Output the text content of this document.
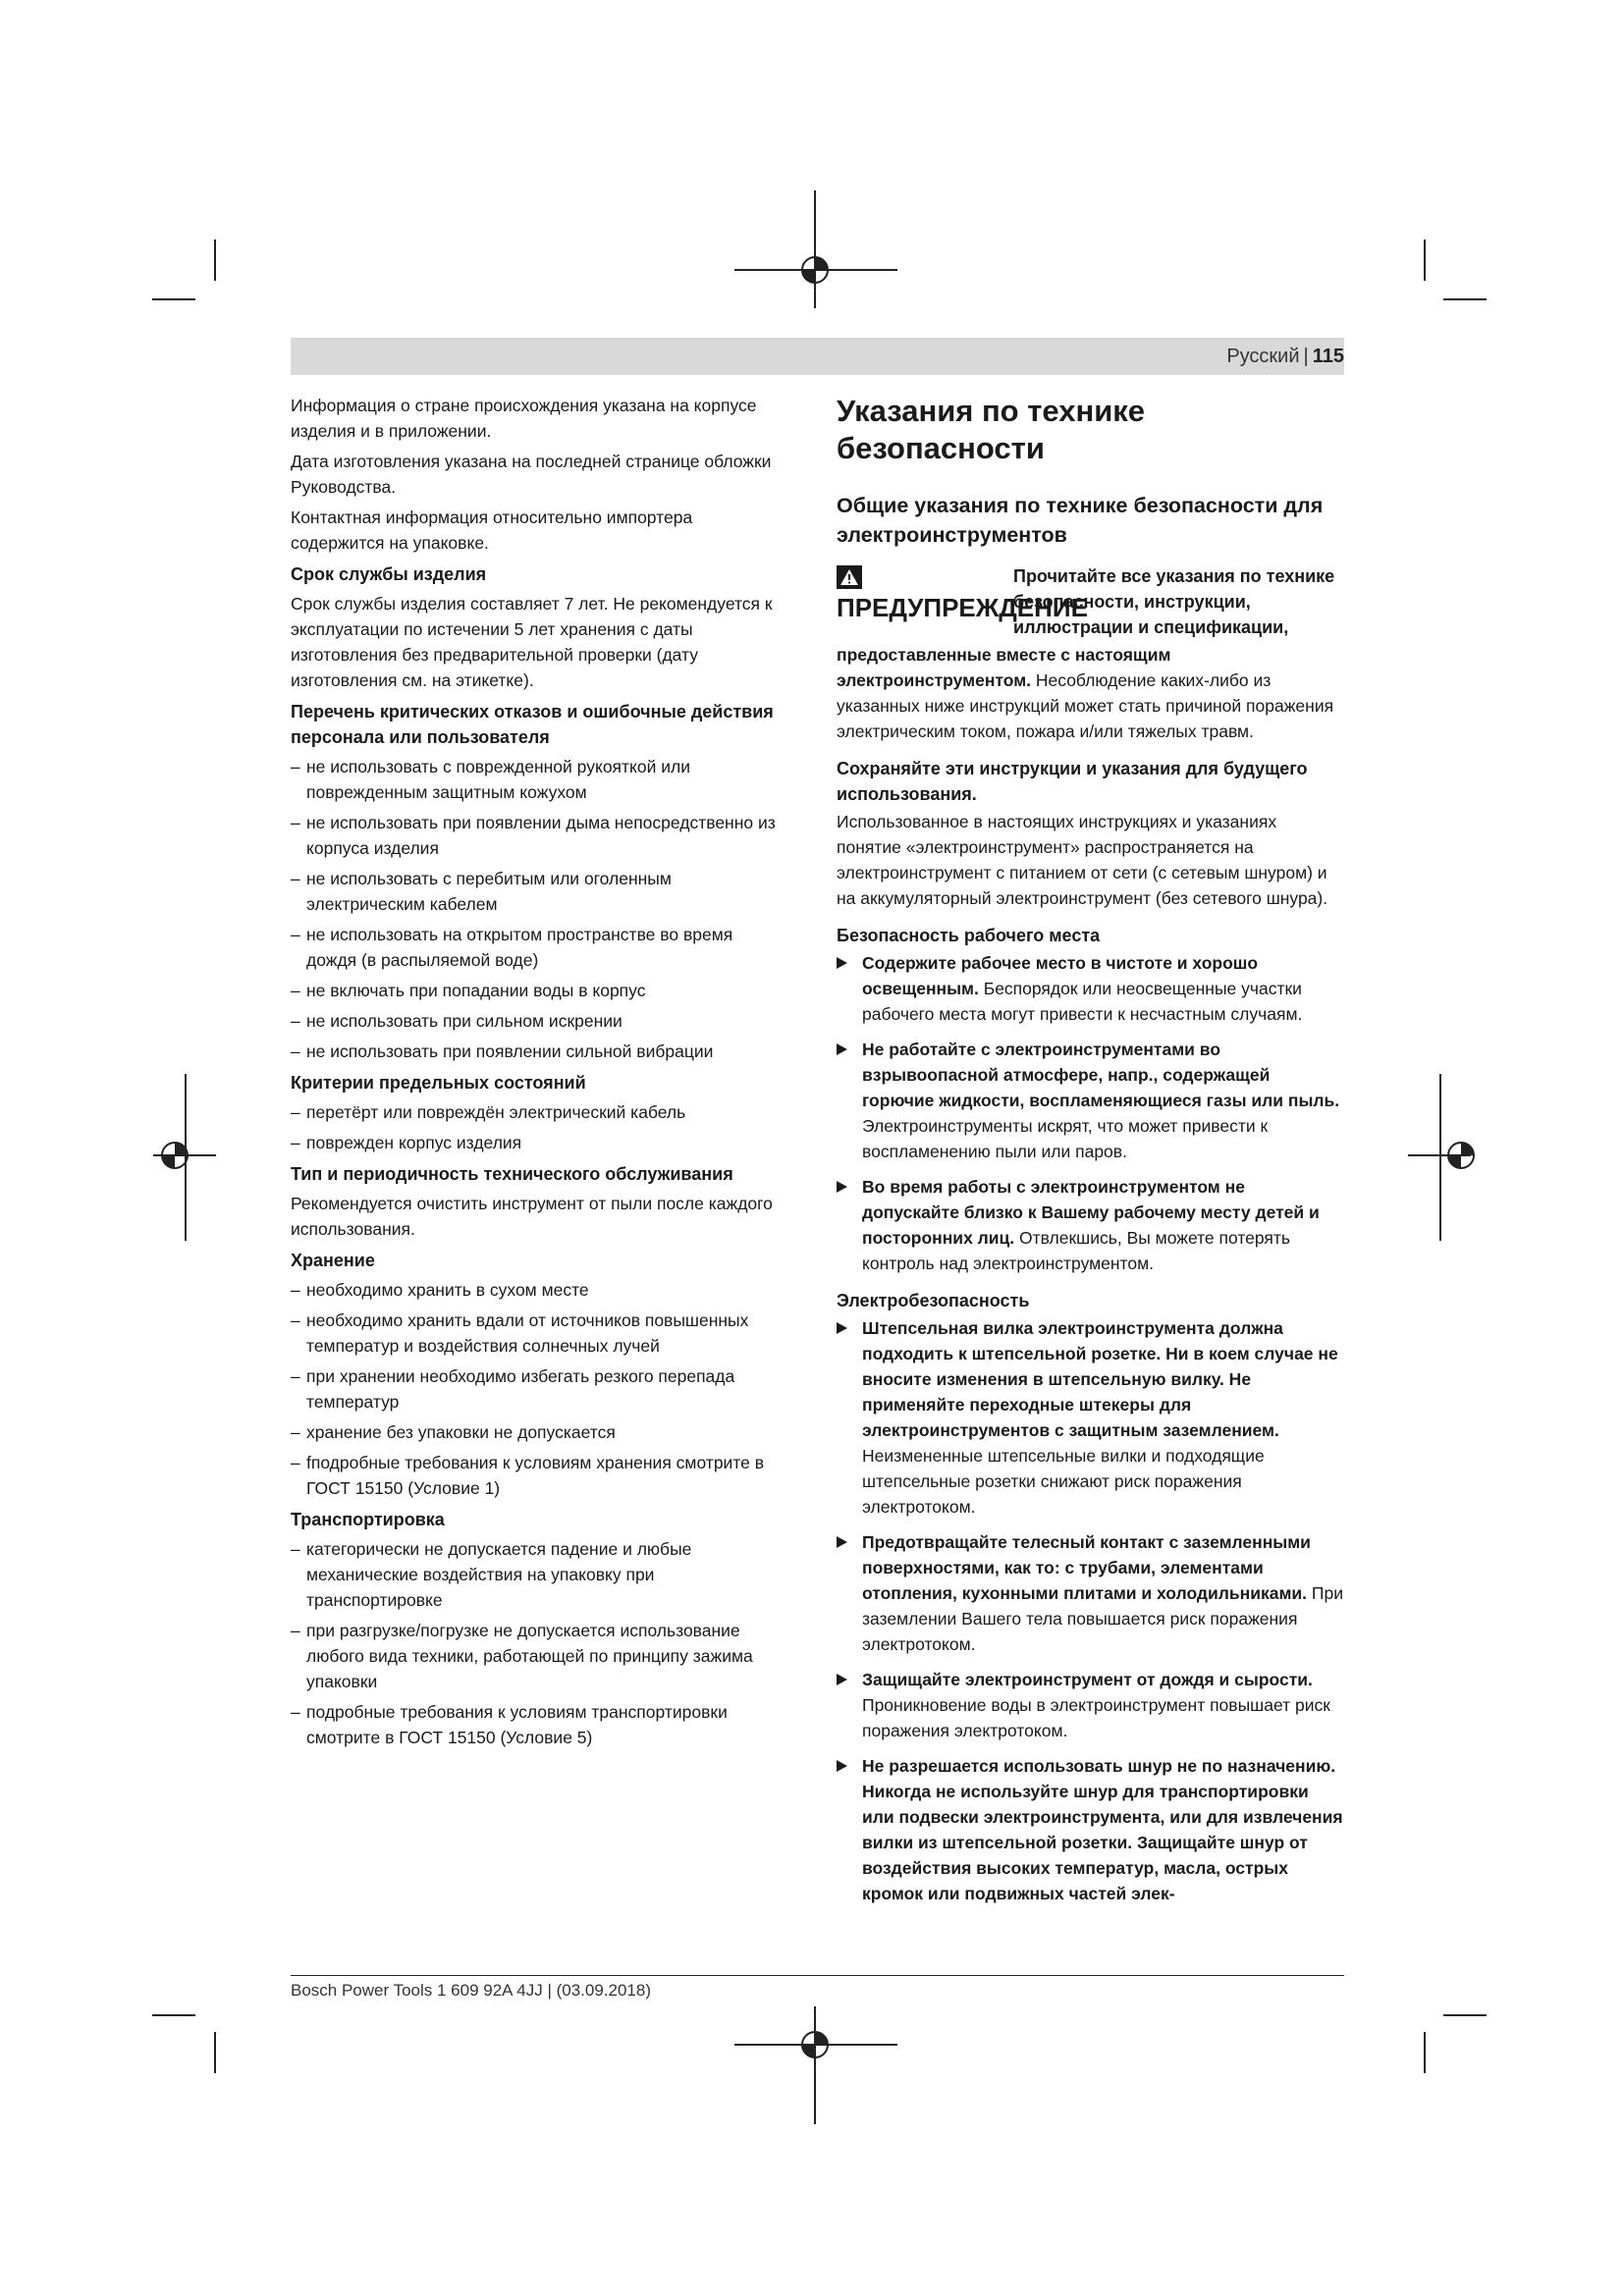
Русский | 115

Информация о стране происхождения указана на корпусе изделия и в приложении.

Дата изготовления указана на последней странице обложки Руководства.

Контактная информация относительно импортера содержится на упаковке.

Срок службы изделия

Срок службы изделия составляет 7 лет. Не рекомендуется к эксплуатации по истечении 5 лет хранения с даты изготовления без предварительной проверки (дату изготовления см. на этикетке).

Перечень критических отказов и ошибочные действия персонала или пользователя
– не использовать с поврежденной рукояткой или поврежденным защитным кожухом
– не использовать при появлении дыма непосредственно из корпуса изделия
– не использовать с перебитым или оголенным электрическим кабелем
– не использовать на открытом пространстве во время дождя (в распыляемой воде)
– не включать при попадании воды в корпус
– не использовать при сильном искрении
– не использовать при появлении сильной вибрации
Критерии предельных состояний
– перетёрт или повреждён электрический кабель
– поврежден корпус изделия
Тип и периодичность технического обслуживания

Рекомендуется очистить инструмент от пыли после каждого использования.

Хранение
– необходимо хранить в сухом месте
– необходимо хранить вдали от источников повышенных температур и воздействия солнечных лучей
– при хранении необходимо избегать резкого перепада температур
– хранение без упаковки не допускается
– fподробные требования к условиям хранения смотрите в ГОСТ 15150 (Условие 1)
Транспортировка
– категорически не допускается падение и любые механические воздействия на упаковку при транспортировке
– при разгрузке/погрузке не допускается использование любого вида техники, работающей по принципу зажима упаковки
– подробные требования к условиям транспортировки смотрите в ГОСТ 15150 (Условие 5)
Указания по технике безопасности
Общие указания по технике безопасности для электроинструментов
ПРЕДУПРЕЖДЕНИЕ
Прочитайте все указания по технике безопасности, инструкции, иллюстрации и спецификации,

предоставленные вместе с настоящим электроинструментом. Несоблюдение каких-либо из указанных ниже инструкций может стать причиной поражения электрическим током, пожара и/или тяжелых травм.

Сохраняйте эти инструкции и указания для будущего использования.

Использованное в настоящих инструкциях и указаниях понятие «электроинструмент» распространяется на электроинструмент с питанием от сети (с сетевым шнуром) и на аккумуляторный электроинструмент (без сетевого шнура).

Безопасность рабочего места
Содержите рабочее место в чистоте и хорошо освещенным. Беспорядок или неосвещенные участки рабочего места могут привести к несчастным случаям.
Не работайте с электроинструментами во взрывоопасной атмосфере, напр., содержащей горючие жидкости, воспламеняющиеся газы или пыль. Электроинструменты искрят, что может привести к воспламенению пыли или паров.
Во время работы с электроинструментом не допускайте близко к Вашему рабочему месту детей и посторонних лиц. Отвлекшись, Вы можете потерять контроль над электроинструментом.
Электробезопасность
Штепсельная вилка электроинструмента должна подходить к штепсельной розетке. Ни в коем случае не вносите изменения в штепсельную вилку. Не применяйте переходные штекеры для электроинструментов с защитным заземлением. Неизмененные штепсельные вилки и подходящие штепсельные розетки снижают риск поражения электротоком.
Предотвращайте телесный контакт с заземленными поверхностями, как то: с трубами, элементами отопления, кухонными плитами и холодильниками. При заземлении Вашего тела повышается риск поражения электротоком.
Защищайте электроинструмент от дождя и сырости. Проникновение воды в электроинструмент повышает риск поражения электротоком.
Не разрешается использовать шнур не по назначению. Никогда не используйте шнур для транспортировки или подвески электроинструмента, или для извлечения вилки из штепсельной розетки. Защищайте шнур от воздействия высоких температур, масла, острых кромок или подвижных частей элек-
Bosch Power Tools 1 609 92A 4JJ | (03.09.2018)
